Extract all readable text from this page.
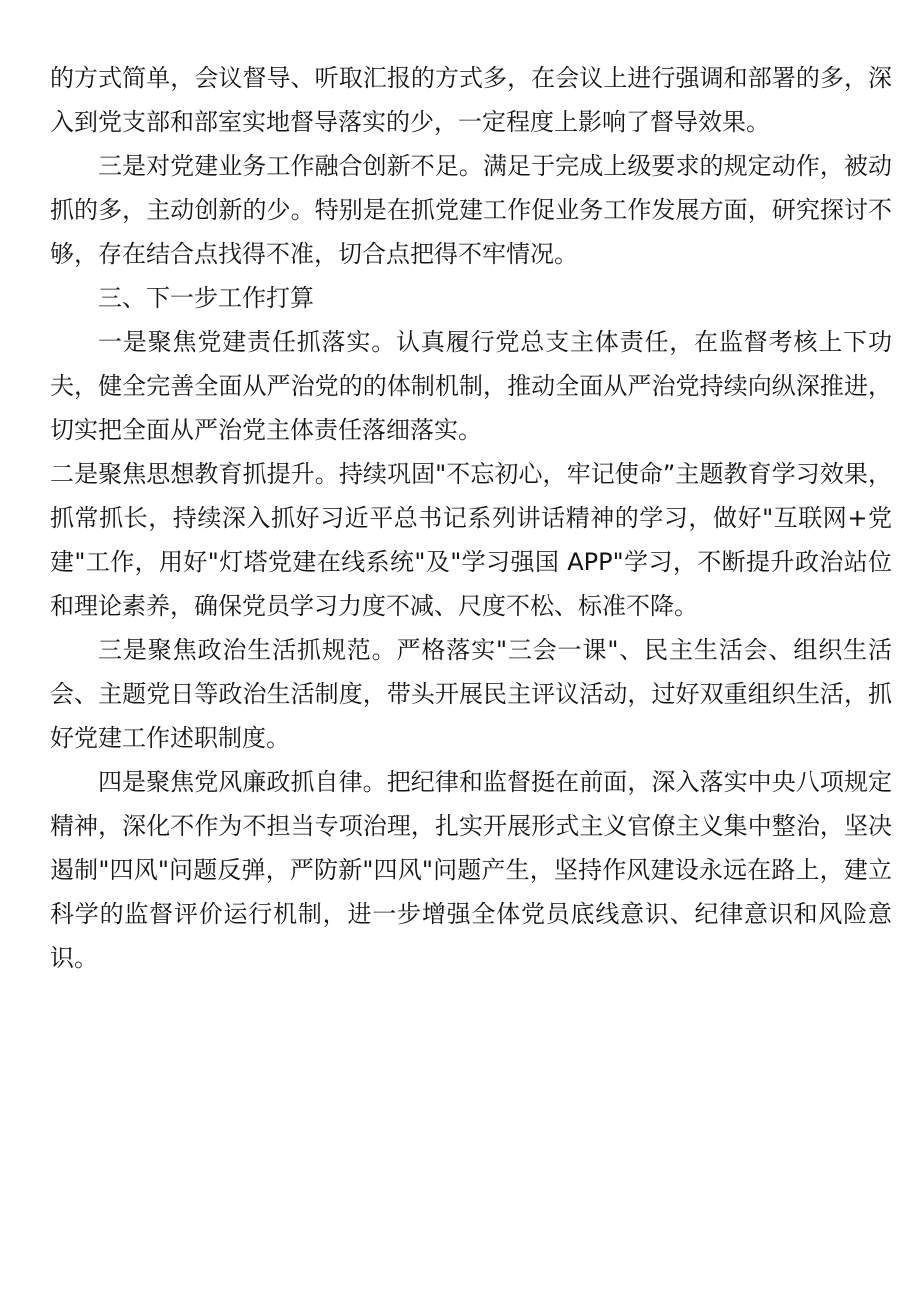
的方式简单，会议督导、听取汇报的方式多，在会议上进行强调和部署的多，深入到党支部和部室实地督导落实的少，一定程度上影响了督导效果。

三是对党建业务工作融合创新不足。满足于完成上级要求的规定动作，被动抓的多，主动创新的少。特别是在抓党建工作促业务工作发展方面，研究探讨不够，存在结合点找得不准，切合点把得不牢情况。

三、下一步工作打算

一是聚焦党建责任抓落实。认真履行党总支主体责任，在监督考核上下功夫，健全完善全面从严治党的的体制机制，推动全面从严治党持续向纵深推进，切实把全面从严治党主体责任落细落实。

二是聚焦思想教育抓提升。持续巩固"不忘初心，牢记使命”主题教育学习效果，抓常抓长，持续深入抓好习近平总书记系列讲话精神的学习，做好"互联网+党建"工作，用好"灯塔党建在线系统"及"学习强国 APP"学习，不断提升政治站位和理论素养，确保党员学习力度不减、尺度不松、标准不降。

三是聚焦政治生活抓规范。严格落实"三会一课"、民主生活会、组织生活会、主题党日等政治生活制度，带头开展民主评议活动，过好双重组织生活，抓好党建工作述职制度。

四是聚焦党风廉政抓自律。把纪律和监督挺在前面，深入落实中央八项规定精神，深化不作为不担当专项治理，扎实开展形式主义官僚主义集中整治，坚决遏制"四风"问题反弹，严防新"四风"问题产生，坚持作风建设永远在路上，建立科学的监督评价运行机制，进一步增强全体党员底线意识、纪律意识和风险意识。
